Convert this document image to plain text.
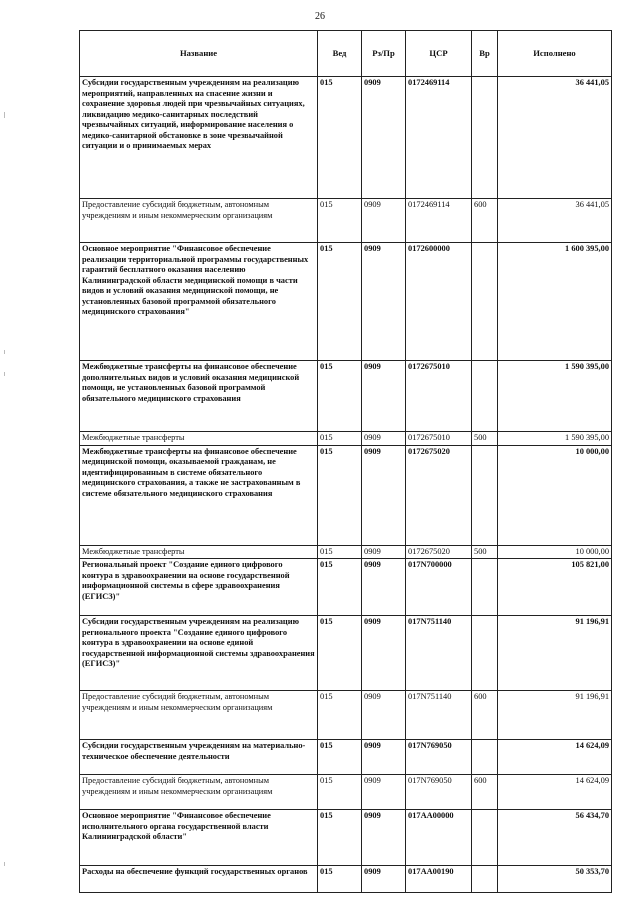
26
Название	Вед	Рз/Пр	ЦСР	Вр	Исполнено
Субсидии государственным учреждениям на реализацию мероприятий, направленных на спасение жизни и сохранение здоровья людей при чрезвычайных ситуациях, ликвидацию медико-санитарных последствий чрезвычайных ситуаций, информирование населения о медико-санитарной обстановке в зоне чрезвычайной ситуации и о принимаемых мерах	015	0909	0172469114		36 441,05
Предоставление субсидий бюджетным, автономным учреждениям и иным некоммерческим организациям	015	0909	0172469114	600	36 441,05
Основное мероприятие "Финансовое обеспечение реализации территориальной программы государственных гарантий бесплатного оказания населению Калининградской области медицинской помощи в части видов и условий оказания медицинской помощи, не установленных базовой программой обязательного медицинского страхования"	015	0909	0172600000		1 600 395,00
Межбюджетные трансферты на финансовое обеспечение дополнительных видов и условий оказания медицинской помощи, не установленных базовой программой обязательного медицинского страхования	015	0909	0172675010		1 590 395,00
Межбюджетные трансферты	015	0909	0172675010	500	1 590 395,00
Межбюджетные трансферты на финансовое обеспечение медицинской помощи, оказываемой гражданам, не идентифицированным в системе обязательного медицинского страхования, а также не застрахованным в системе обязательного медицинского страхования	015	0909	0172675020		10 000,00
Межбюджетные трансферты	015	0909	0172675020	500	10 000,00
Региональный проект "Создание единого цифрового контура в здравоохранении на основе государственной информационной системы в сфере здравоохранения (ЕГИСЗ)"	015	0909	017N700000		105 821,00
Субсидии государственным учреждениям на реализацию регионального проекта "Создание единого цифрового контура в здравоохранении на основе единой государственной информационной системы здравоохранения (ЕГИСЗ)"	015	0909	017N751140		91 196,91
Предоставление субсидий бюджетным, автономным учреждениям и иным некоммерческим организациям	015	0909	017N751140	600	91 196,91
Субсидии государственным учреждениям на материально-техническое обеспечение деятельности	015	0909	017N769050		14 624,09
Предоставление субсидий бюджетным, автономным учреждениям и иным некоммерческим организациям	015	0909	017N769050	600	14 624,09
Основное мероприятие "Финансовое обеспечение исполнительного органа государственной власти Калининградской области"	015	0909	017AA00000		56 434,70
Расходы на обеспечение функций государственных органов	015	0909	017AA00190		50 353,70
